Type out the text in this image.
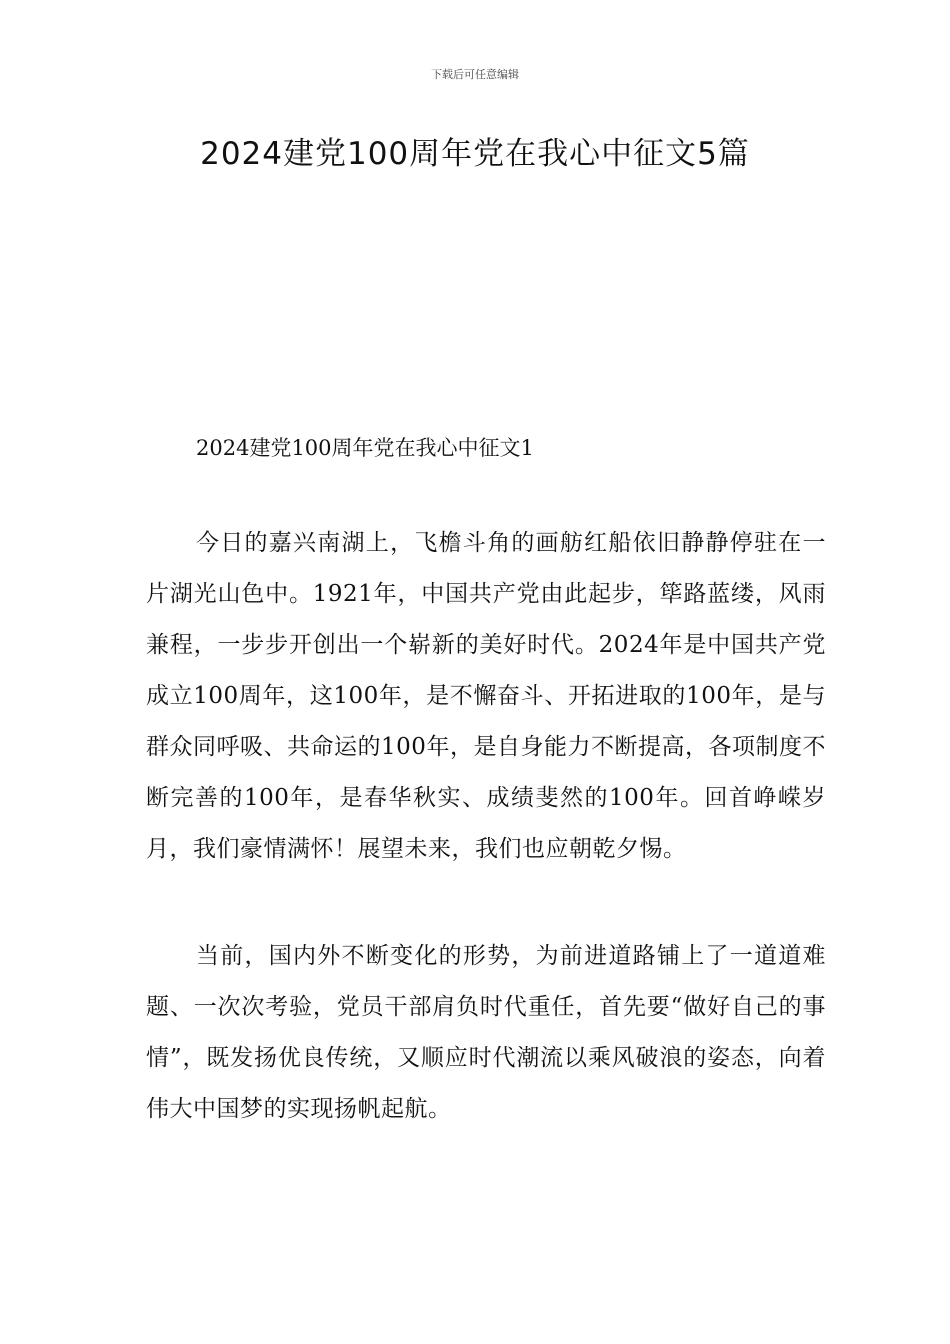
下载后可任意编辑
2024建党100周年党在我心中征文5篇
2024建党100周年党在我心中征文1

今日的嘉兴南湖上，飞檐斗角的画舫红船依旧静静停驻在一片湖光山色中。1921年，中国共产党由此起步，筚路蓝缕，风雨兼程，一步步开创出一个崭新的美好时代。2024年是中国共产党成立100周年，这100年，是不懈奋斗、开拓进取的100年，是与群众同呼吸、共命运的100年，是自身能力不断提高，各项制度不断完善的100年，是春华秋实、成绩斐然的100年。回首峥嵘岁月，我们豪情满怀！展望未来，我们也应朝乾夕惕。

当前，国内外不断变化的形势，为前进道路铺上了一道道难题、一次次考验，党员干部肩负时代重任，首先要“做好自己的事情”，既发扬优良传统，又顺应时代潮流以乘风破浪的姿态，向着伟大中国梦的实现扬帆起航。
